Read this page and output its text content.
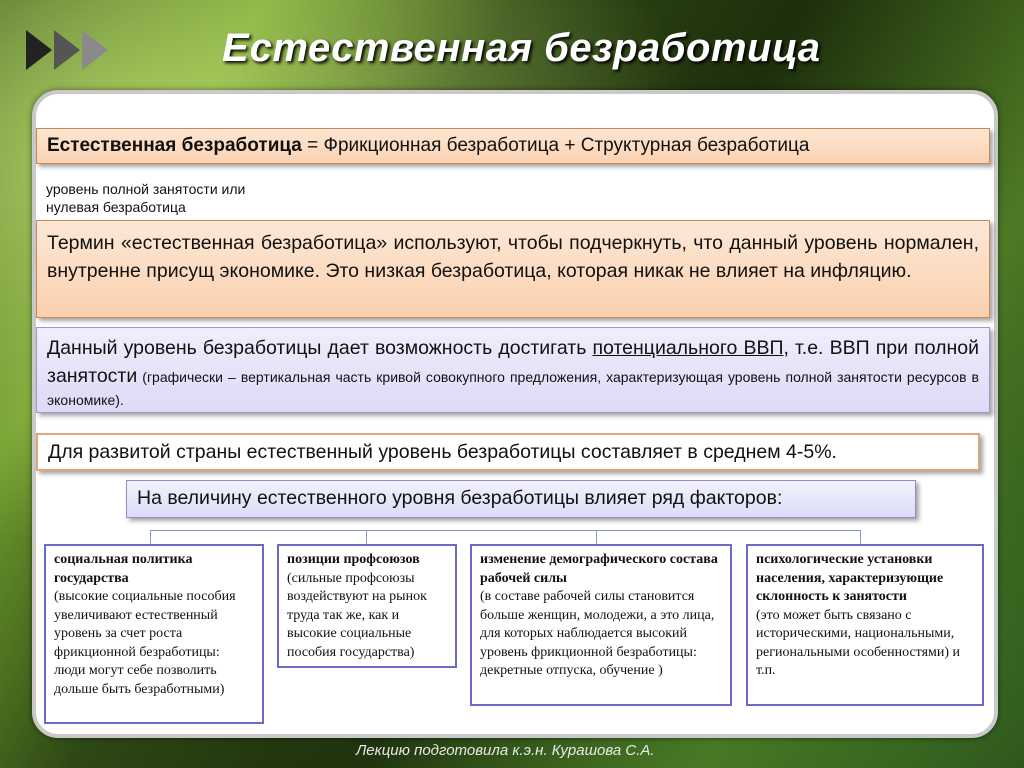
Естественная безработица
Естественная безработица = Фрикционная безработица + Структурная безработица
уровень полной занятости или
нулевая безработица
Термин «естественная безработица» используют, чтобы подчеркнуть, что данный уровень нормален, внутренне присущ экономике. Это низкая безработица, которая никак не влияет на инфляцию.
Данный уровень безработицы дает возможность достигать потенциального ВВП, т.е. ВВП при полной занятости (графически – вертикальная часть кривой совокупного предложения, характеризующая уровень полной занятости ресурсов в экономике).
Для развитой страны естественный уровень безработицы составляет в среднем 4-5%.
На величину естественного уровня безработицы влияет ряд факторов:
социальная политика государства
(высокие социальные пособия увеличивают естественный уровень за счет роста фрикционной безработицы: люди могут себе позволить дольше быть безработными)
позиции профсоюзов
(сильные профсоюзы воздействуют на рынок труда так же, как и высокие социальные пособия государства)
изменение демографического состава рабочей силы
(в составе рабочей силы становится больше женщин, молодежи, а это лица, для которых наблюдается высокий уровень фрикционной безработицы: декретные отпуска, обучение )
психологические установки населения, характеризующие склонность к занятости
(это может быть связано с историческими, национальными, региональными особенностями) и т.п.
Лекцию подготовила к.э.н. Курашова С.А.
